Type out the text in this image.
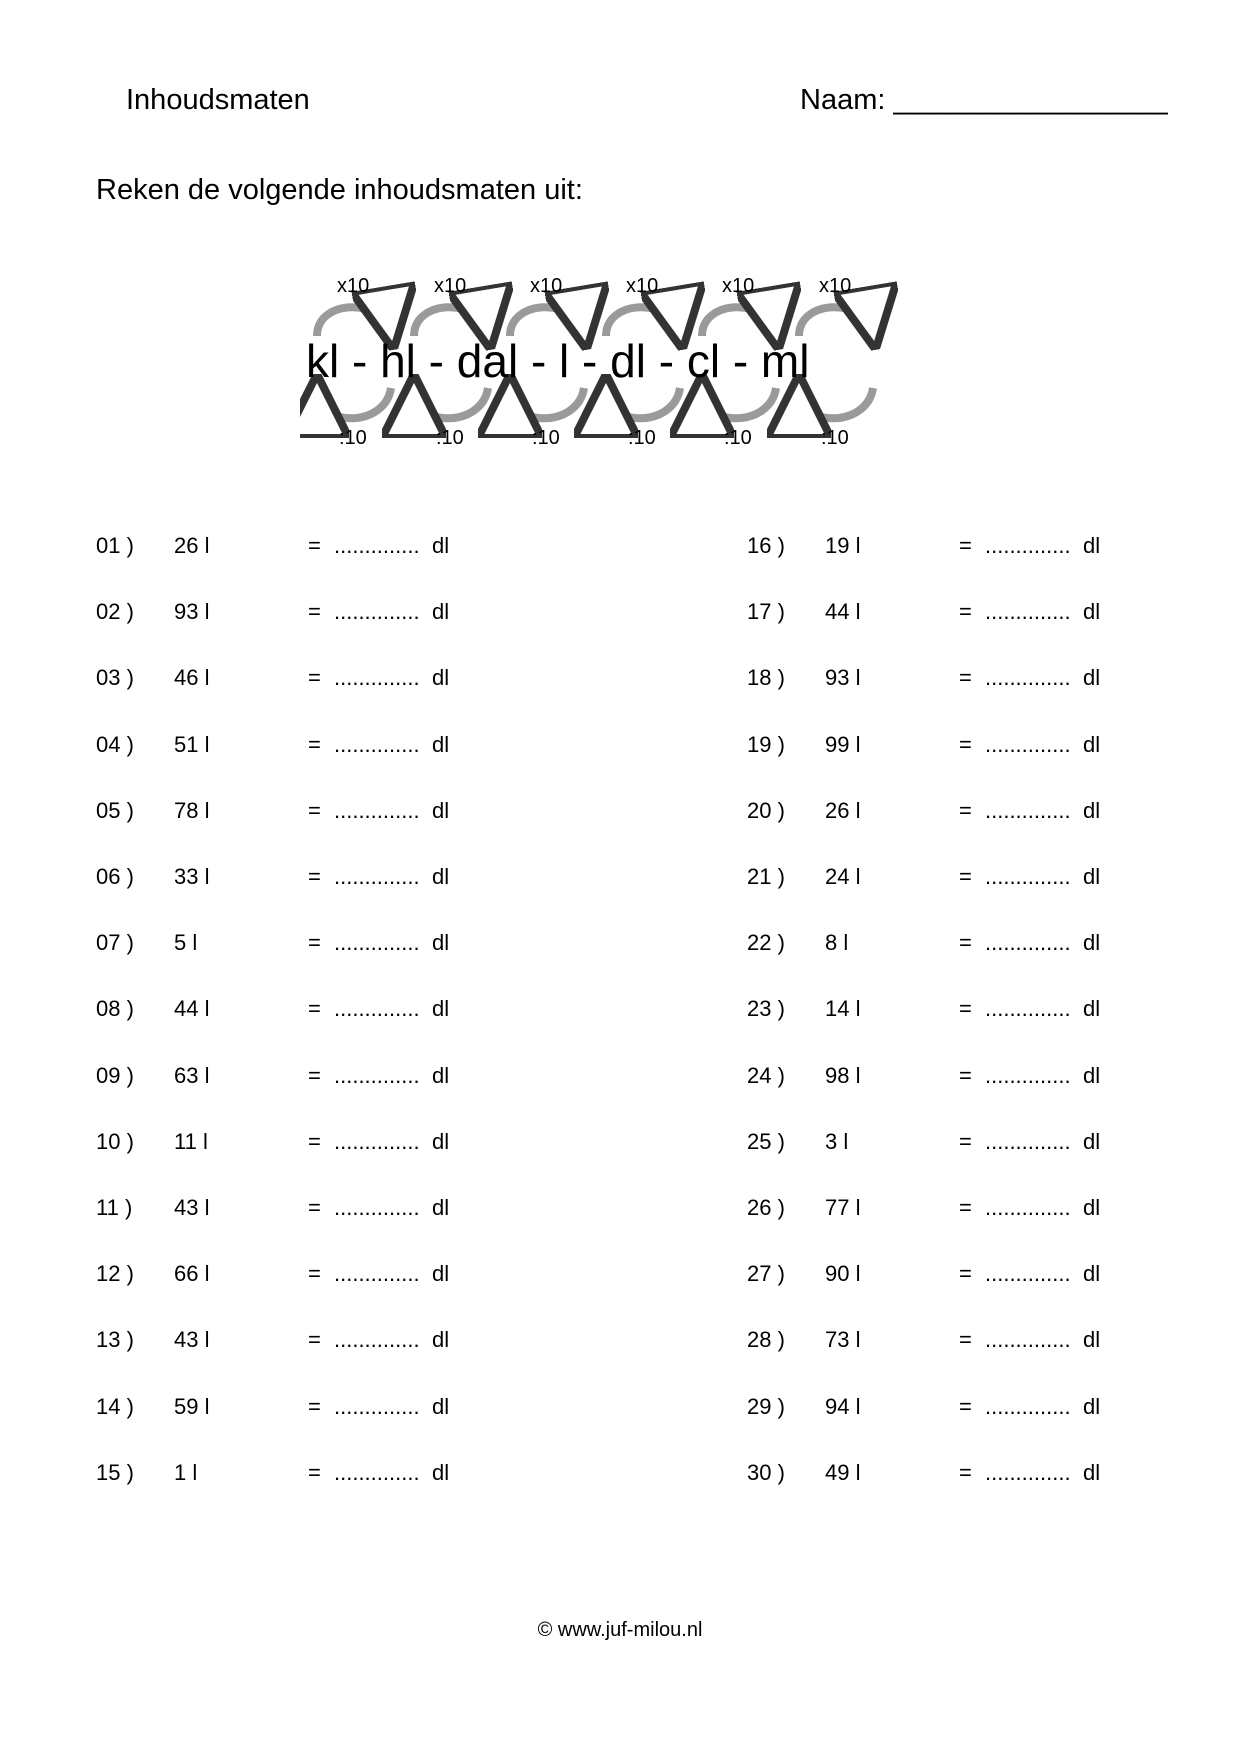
Inhoudsmaten	Naam: _________________
Reken de volgende inhoudsmaten uit:
x10	x10	x10	x10	x10	x10
:10	:10	:10	:10	:10	:10
kl - hl - dal - l - dl - cl - ml
01 ) 26 l	= .............. dl
02 ) 93 l	= .............. dl
03 ) 46 l	= .............. dl
04 ) 51 l	= .............. dl
05 ) 78 l	= .............. dl
06 ) 33 l	= .............. dl
07 ) 5 l	= .............. dl
08 ) 44 l	= .............. dl
09 ) 63 l	= .............. dl
10 ) 11 l	= .............. dl
11 ) 43 l	= .............. dl
12 ) 66 l	= .............. dl
13 ) 43 l	= .............. dl
14 ) 59 l	= .............. dl
15 ) 1 l	= .............. dl
16 ) 19 l	= .............. dl
17 ) 44 l	= .............. dl
18 ) 93 l	= .............. dl
19 ) 99 l	= .............. dl
20 ) 26 l	= .............. dl
21 ) 24 l	= .............. dl
22 ) 8 l	= .............. dl
23 ) 14 l	= .............. dl
24 ) 98 l	= .............. dl
25 ) 3 l	= .............. dl
26 ) 77 l	= .............. dl
27 ) 90 l	= .............. dl
28 ) 73 l	= .............. dl
29 ) 94 l	= .............. dl
30 ) 49 l	= .............. dl
© www.juf-milou.nl
